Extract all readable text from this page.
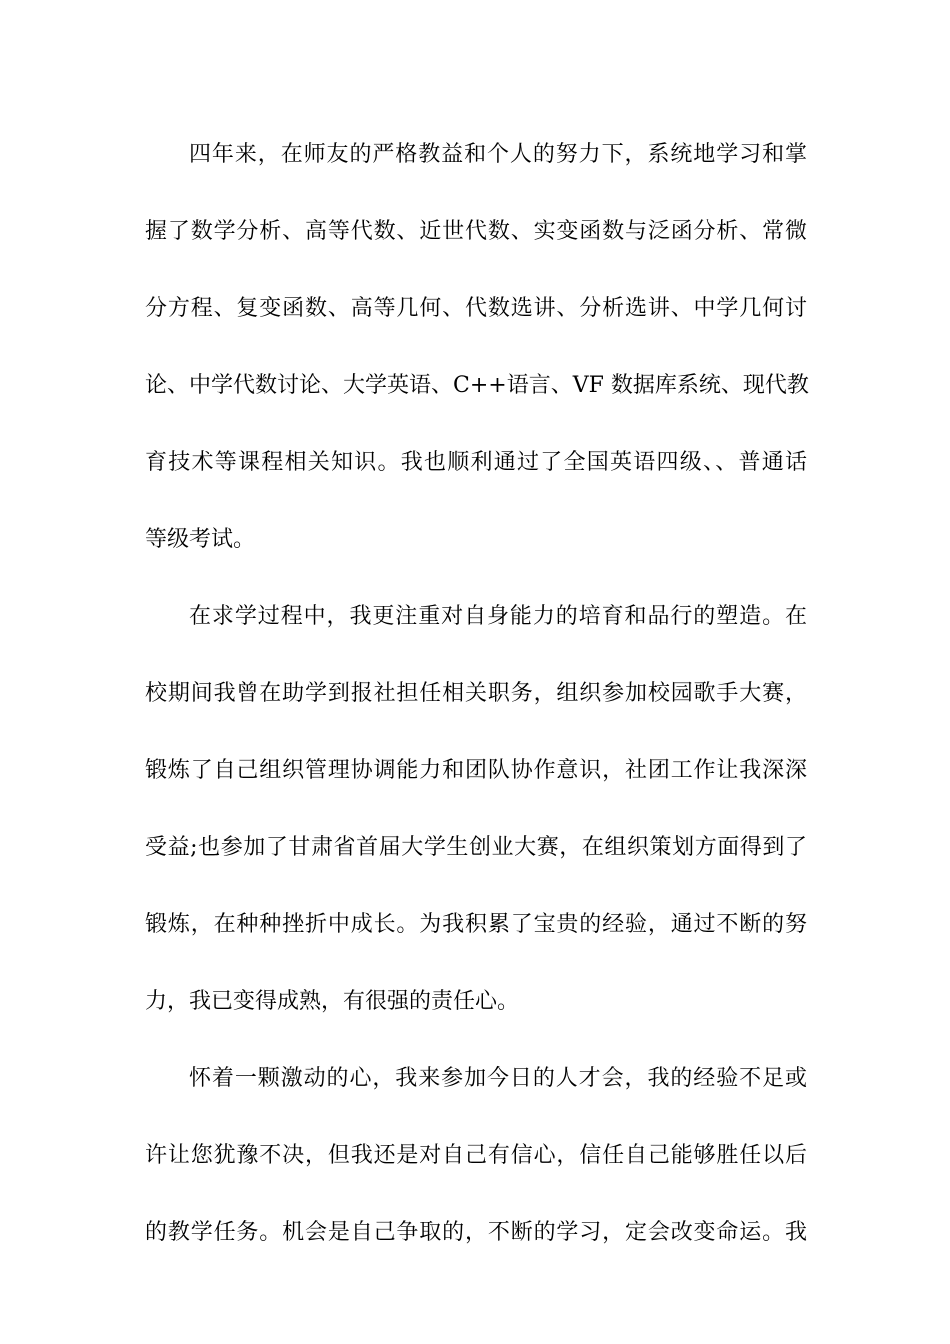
四年来，在师友的严格教益和个人的努力下，系统地学习和掌
握了数学分析、高等代数、近世代数、实变函数与泛函分析、常微
分方程、复变函数、高等几何、代数选讲、分析选讲、中学几何讨
论、中学代数讨论、大学英语、C++语言、VF 数据库系统、现代教
育技术等课程相关知识。我也顺利通过了全国英语四级、、普通话
等级考试。
在求学过程中，我更注重对自身能力的培育和品行的塑造。在
校期间我曾在助学到报社担任相关职务，组织参加校园歌手大赛，
锻炼了自己组织管理协调能力和团队协作意识，社团工作让我深深
受益;也参加了甘肃省首届大学生创业大赛，在组织策划方面得到了
锻炼，在种种挫折中成长。为我积累了宝贵的经验，通过不断的努
力，我已变得成熟，有很强的责任心。
怀着一颗激动的心，我来参加今日的人才会，我的经验不足或
许让您犹豫不决，但我还是对自己有信心，信任自己能够胜任以后
的教学任务。机会是自己争取的，不断的学习，定会改变命运。我
